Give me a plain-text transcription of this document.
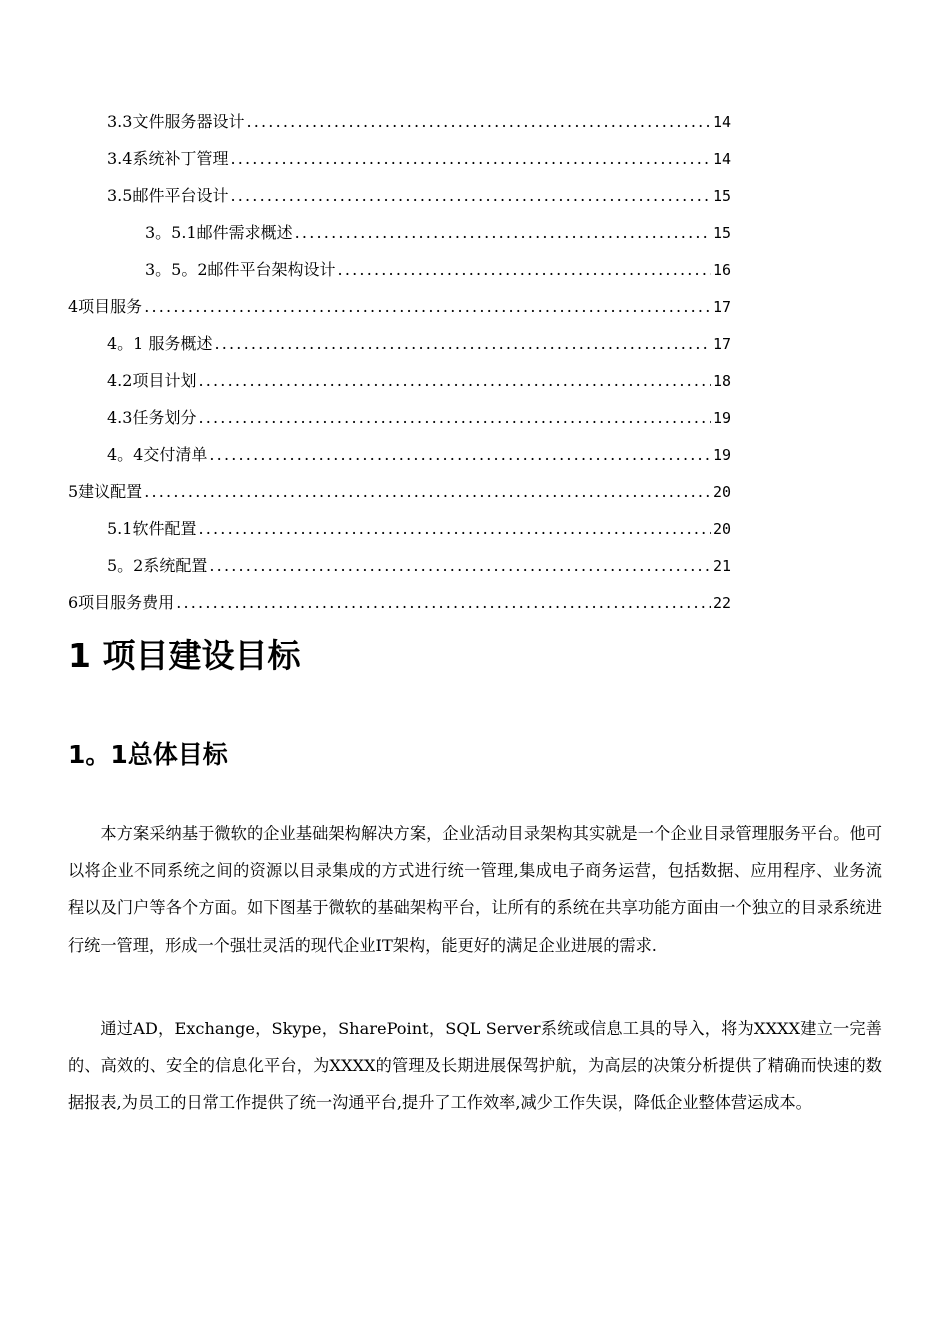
3.3文件服务器设计 .....	14
3.4系统补丁管理 .....	14
3.5邮件平台设计 .....	15
3。5.1邮件需求概述 .....	15
3。5。2邮件平台架构设计 .....	16
4项目服务 .....	17
4。1 服务概述 .....	17
4.2项目计划 .....	18
4.3任务划分 .....	19
4。4交付清单 .....	19
5建议配置 .....	20
5.1软件配置 .....	20
5。2系统配置 .....	21
6项目服务费用 .....	22
1 项目建设目标
1。1总体目标
本方案采纳基于微软的企业基础架构解决方案，企业活动目录架构其实就是一个企业目录管理服务平台。他可以将企业不同系统之间的资源以目录集成的方式进行统一管理,集成电子商务运营，包括数据、应用程序、业务流程以及门户等各个方面。如下图基于微软的基础架构平台，让所有的系统在共享功能方面由一个独立的目录系统进行统一管理，形成一个强壮灵活的现代企业IT架构，能更好的满足企业进展的需求.
通过AD，Exchange，Skype，SharePoint，SQL Server系统或信息工具的导入，将为XXXX建立一完善的、高效的、安全的信息化平台，为XXXX的管理及长期进展保驾护航，为高层的决策分析提供了精确而快速的数据报表,为员工的日常工作提供了统一沟通平台,提升了工作效率,减少工作失误，降低企业整体营运成本。
